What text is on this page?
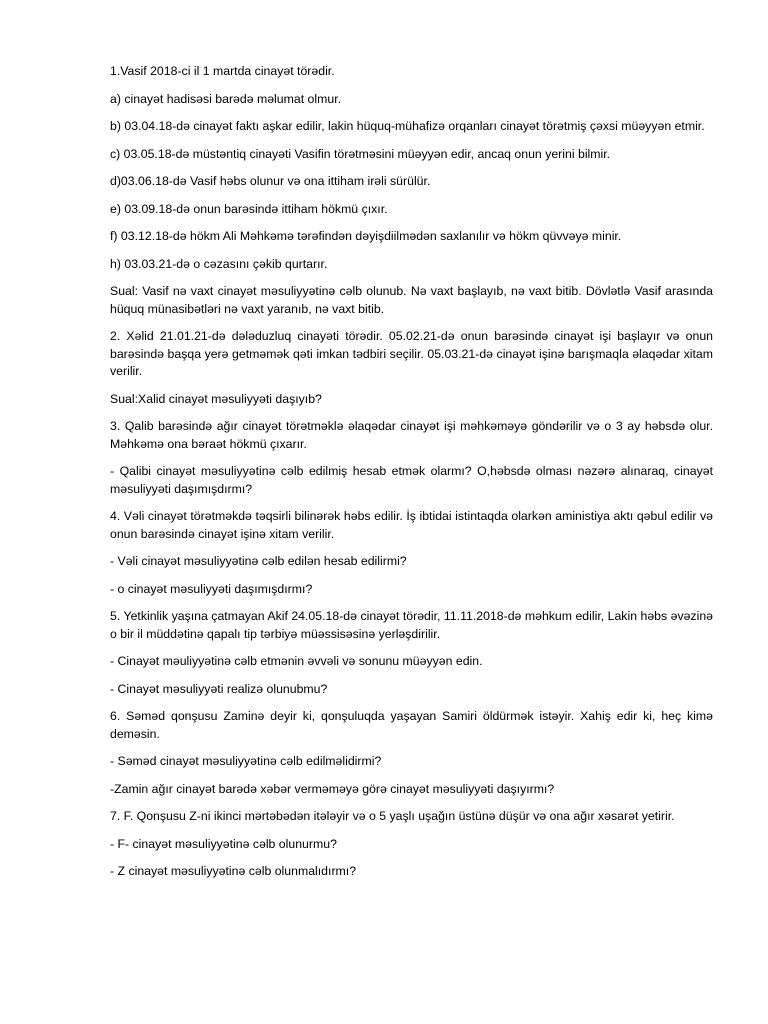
1.Vasif 2018-ci il 1 martda cinayət törədir.

a) cinayət hadisəsi barədə məlumat olmur.

b) 03.04.18-də cinayət faktı aşkar edilir, lakin hüquq-mühafizə orqanları cinayət törətmiş çəxsi müəyyən etmir.

c) 03.05.18-də müstəntiq cinayəti Vasifin törətməsini müəyyən edir, ancaq onun yerini bilmir.

d)03.06.18-də Vasif həbs olunur və ona ittiham irəli sürülür.

e) 03.09.18-də onun barəsində ittiham hökmü çıxır.

f) 03.12.18-də hökm Ali Məhkəmə tərəfindən dəyişdiilmədən saxlanılır və hökm qüvvəyə minir.

h) 03.03.21-də o cəzasını çəkib qurtarır.

Sual: Vasif nə vaxt cinayət məsuliyyətinə cəlb olunub. Nə vaxt başlayıb, nə vaxt bitib. Dövlətlə Vasif arasında hüquq münasibətləri nə vaxt yaranıb, nə vaxt bitib.

2. Xəlid 21.01.21-də dələduzluq cinayəti törədir. 05.02.21-də onun barəsində cinayət işi başlayır və onun barəsində başqa yerə getməmək qəti imkan tədbiri seçilir. 05.03.21-də cinayət işinə barışmaqla əlaqədar xitam verilir.

Sual:Xalid cinayət məsuliyyəti daşıyıb?

3. Qalib barəsində ağır cinayət törətməklə əlaqədar cinayət işi məhkəməyə göndərilir və o 3 ay həbsdə olur. Məhkəmə ona bəraət hökmü çıxarır.

- Qalibi cinayət məsuliyyətinə cəlb edilmiş hesab etmək olarmı? O,həbsdə olması nəzərə alınaraq, cinayət məsuliyyəti daşımışdırmı?

4. Vəli cinayət törətməkdə təqsirli bilinərək həbs edilir. İş ibtidai istintaqda olarkən aministiya aktı qəbul edilir və onun barəsində cinayət işinə xitam verilir.

- Vəli cinayət məsuliyyətinə cəlb edilən hesab edilirmi?

- o cinayət məsuliyyəti daşımışdırmı?

5. Yetkinlik yaşına çatmayan Akif 24.05.18-də cinayət törədir, 11.11.2018-də məhkum edilir, Lakin həbs əvəzinə o bir il müddətinə qapalı tip tərbiyə müəssisəsinə yerləşdirilir.

- Cinayət məuliyyətinə cəlb etmənin əvvəli və sonunu müəyyən edin.

- Cinayət məsuliyyəti realizə olunubmu?

6. Səməd qonşusu Zaminə deyir ki, qonşuluqda yaşayan Samiri öldürmək istəyir. Xahiş edir ki, heç kimə deməsin.

- Səməd cinayət məsuliyyətinə cəlb edilməlidirmi?

-Zamin ağır cinayət barədə xəbər verməməyə görə cinayət məsuliyyəti daşıyırmı?

7. F. Qonşusu Z-ni ikinci mərtəbədən itələyir və o 5 yaşlı uşağın üstünə düşür və ona ağır xəsarət yetirir.

- F- cinayət məsuliyyətinə cəlb olunurmu?

- Z cinayət məsuliyyətinə cəlb olunmalıdırmı?
